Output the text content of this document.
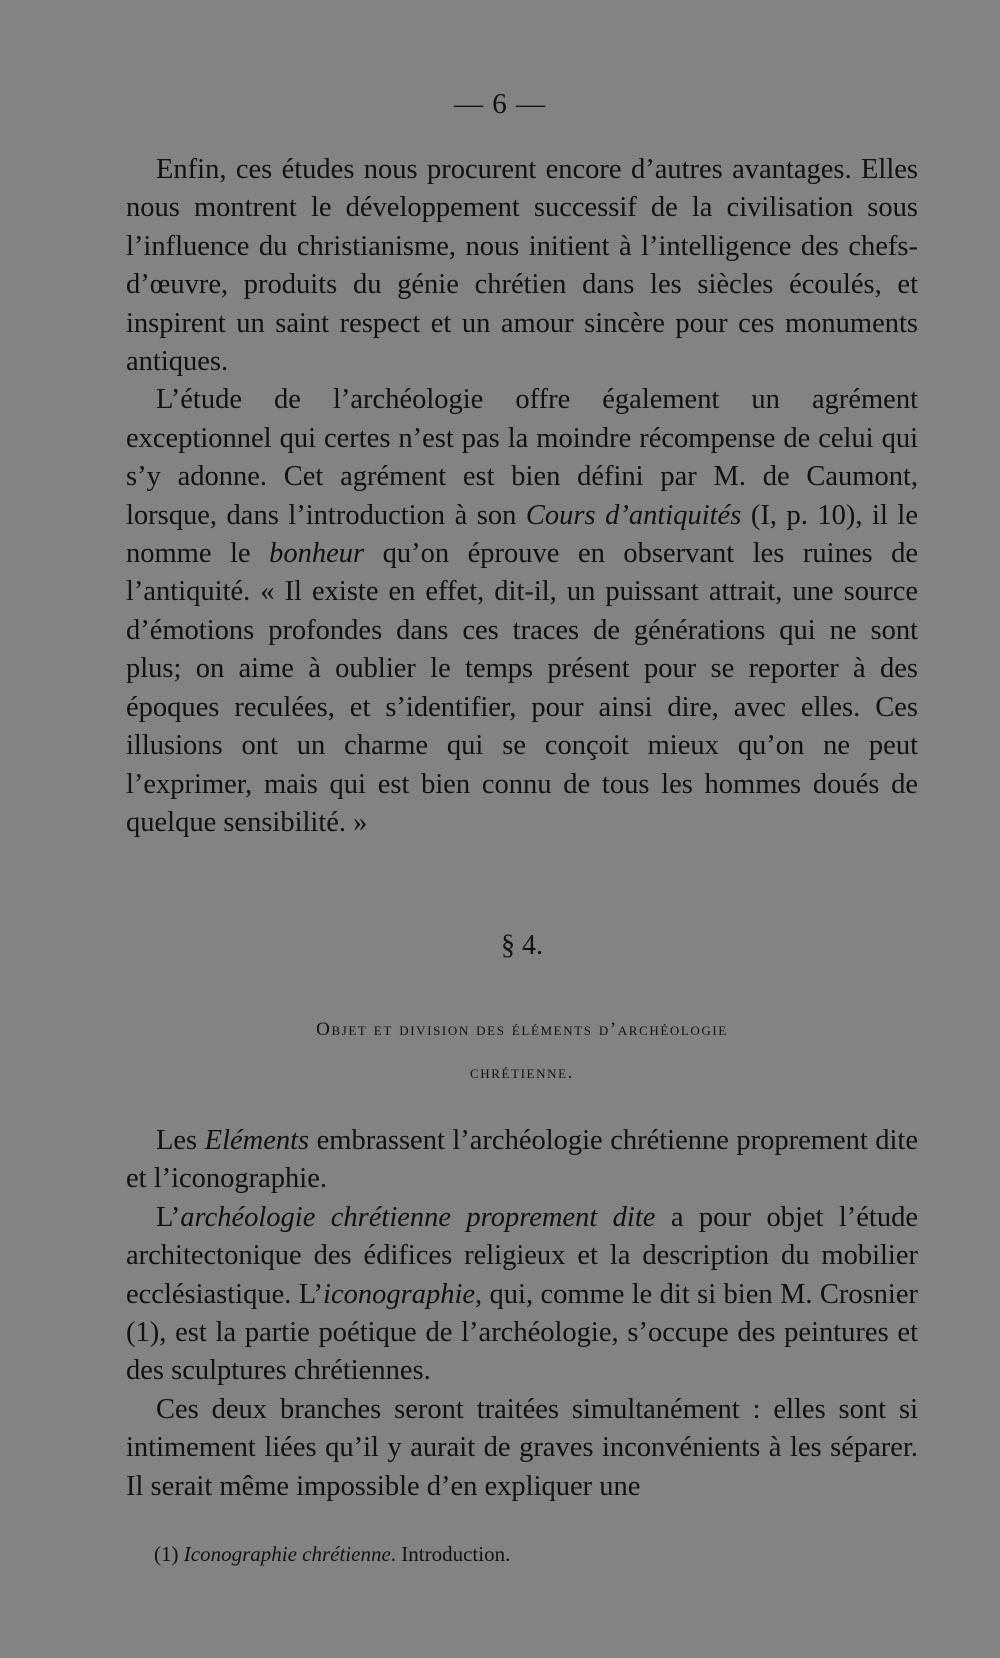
— 6 —

Enfin, ces études nous procurent encore d’autres avantages. Elles nous montrent le développement successif de la civilisation sous l’influence du christianisme, nous initient à l’intelligence des chefs-d’œuvre, produits du génie chrétien dans les siècles écoulés, et inspirent un saint respect et un amour sincère pour ces monuments antiques.

L’étude de l’archéologie offre également un agrément exceptionnel qui certes n’est pas la moindre récompense de celui qui s’y adonne. Cet agrément est bien défini par M. de Caumont, lorsque, dans l’introduction à son Cours d’antiquités (I, p. 10), il le nomme le bonheur qu’on éprouve en observant les ruines de l’antiquité. « Il existe en effet, dit-il, un puissant attrait, une source d’émotions profondes dans ces traces de générations qui ne sont plus; on aime à oublier le temps présent pour se reporter à des époques reculées, et s’identifier, pour ainsi dire, avec elles. Ces illusions ont un charme qui se conçoit mieux qu’on ne peut l’exprimer, mais qui est bien connu de tous les hommes doués de quelque sensibilité. »

§ 4.
Objet et division des éléments d’archéologie
chrétienne.

Les Eléments embrassent l’archéologie chrétienne proprement dite et l’iconographie.

L’archéologie chrétienne proprement dite a pour objet l’étude architectonique des édifices religieux et la description du mobilier ecclésiastique. L’iconographie, qui, comme le dit si bien M. Crosnier (1), est la partie poétique de l’archéologie, s’occupe des peintures et des sculptures chrétiennes.

Ces deux branches seront traitées simultanément : elles sont si intimement liées qu’il y aurait de graves inconvénients à les séparer. Il serait même impossible d’en expliquer une

(1) Iconographie chrétienne. Introduction.
